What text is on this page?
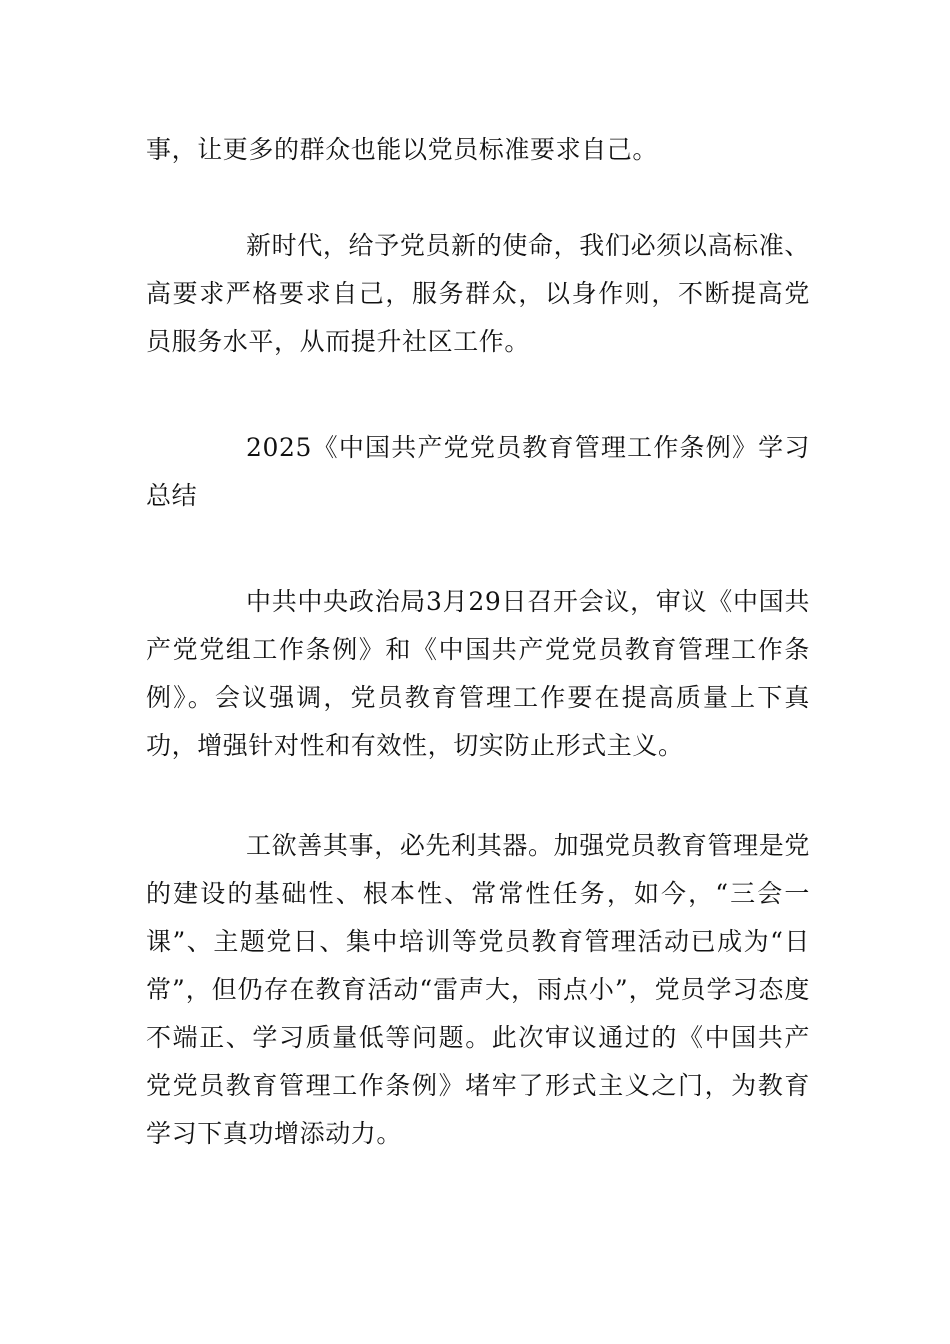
事，让更多的群众也能以党员标准要求自己。

新时代，给予党员新的使命，我们必须以高标准、高要求严格要求自己，服务群众，以身作则，不断提高党员服务水平，从而提升社区工作。

2025《中国共产党党员教育管理工作条例》学习总结

中共中央政治局3月29日召开会议，审议《中国共产党党组工作条例》和《中国共产党党员教育管理工作条例》。会议强调，党员教育管理工作要在提高质量上下真功，增强针对性和有效性，切实防止形式主义。

工欲善其事，必先利其器。加强党员教育管理是党的建设的基础性、根本性、常常性任务，如今，“三会一课”、主题党日、集中培训等党员教育管理活动已成为“日常”，但仍存在教育活动“雷声大，雨点小”，党员学习态度不端正、学习质量低等问题。此次审议通过的《中国共产党党员教育管理工作条例》堵牢了形式主义之门，为教育学习下真功增添动力。
